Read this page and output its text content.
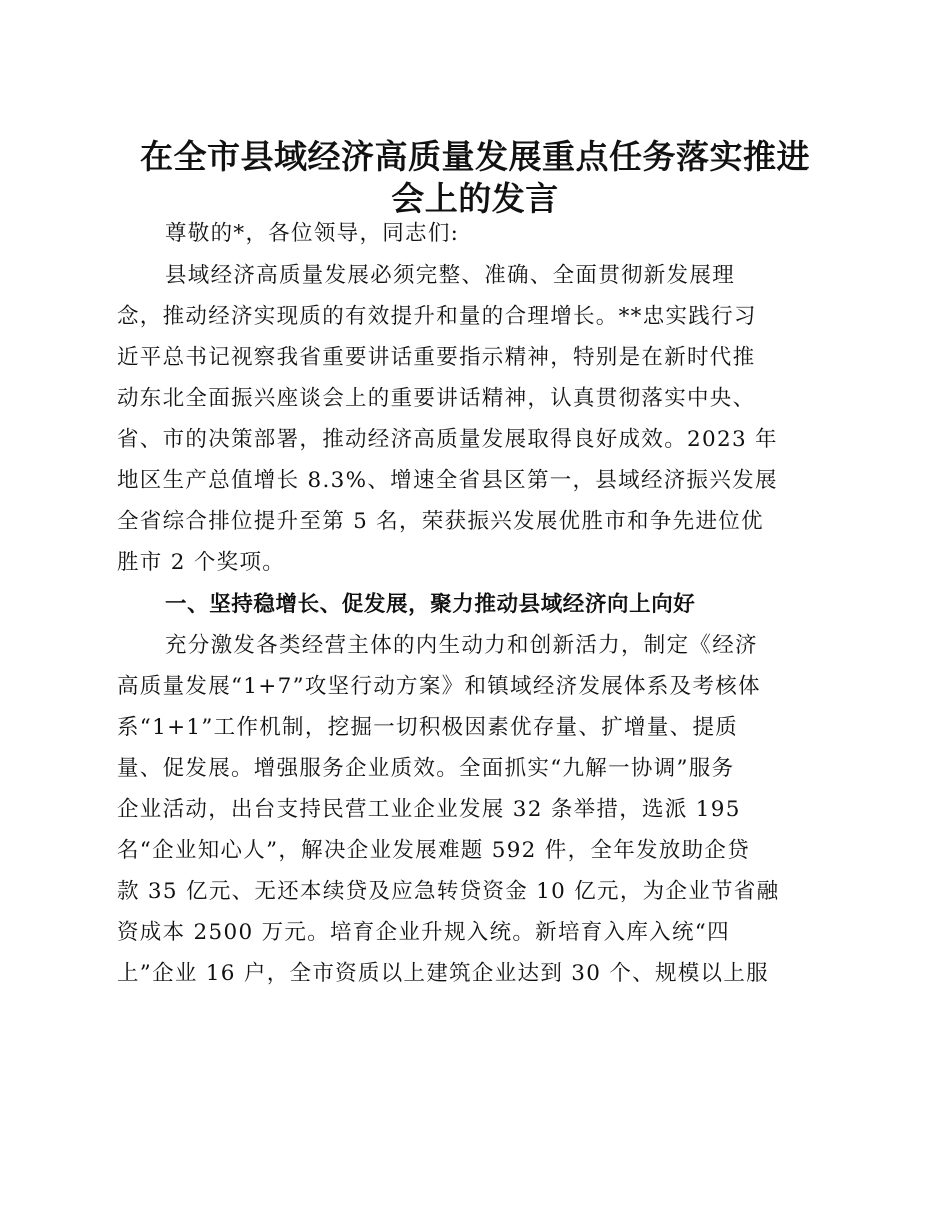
在全市县域经济高质量发展重点任务落实推进
会上的发言

尊敬的*，各位领导，同志们:

县域经济高质量发展必须完整、准确、全面贯彻新发展理

念，推动经济实现质的有效提升和量的合理增长。**忠实践行习

近平总书记视察我省重要讲话重要指示精神，特别是在新时代推

动东北全面振兴座谈会上的重要讲话精神，认真贯彻落实中央、

省、市的决策部署，推动经济高质量发展取得良好成效。2023 年

地区生产总值增长 8.3%、增速全省县区第一，县域经济振兴发展

全省综合排位提升至第 5 名，荣获振兴发展优胜市和争先进位优

胜市 2 个奖项。

一、坚持稳增长、促发展，聚力推动县域经济向上向好

充分激发各类经营主体的内生动力和创新活力，制定《经济

高质量发展“1+7”攻坚行动方案》和镇域经济发展体系及考核体

系“1+1”工作机制，挖掘一切积极因素优存量、扩增量、提质

量、促发展。增强服务企业质效。全面抓实“九解一协调”服务

企业活动，出台支持民营工业企业发展 32 条举措，选派 195

名“企业知心人”，解决企业发展难题 592 件，全年发放助企贷

款 35 亿元、无还本续贷及应急转贷资金 10 亿元，为企业节省融

资成本 2500 万元。培育企业升规入统。新培育入库入统“四

上”企业 16 户，全市资质以上建筑企业达到 30 个、规模以上服
